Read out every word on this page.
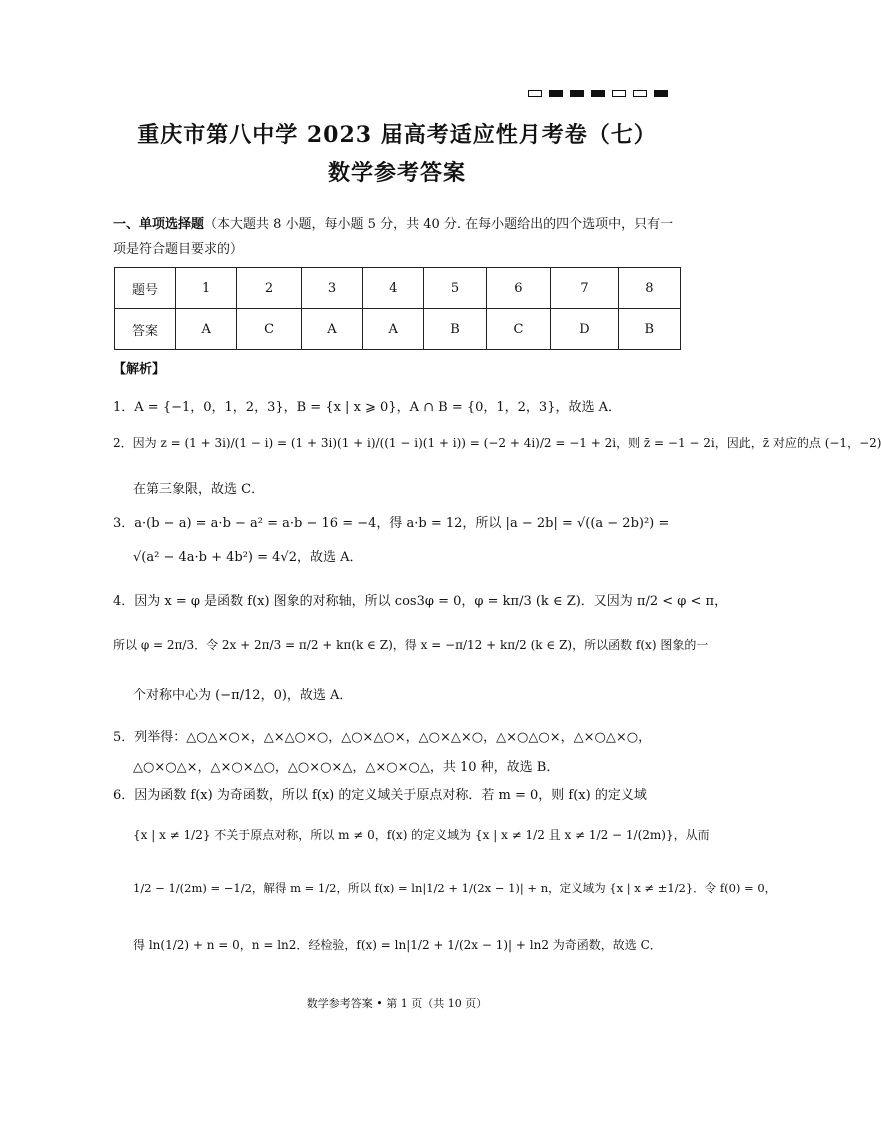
重庆市第八中学 2023 届高考适应性月考卷（七）
数学参考答案
一、单项选择题（本大题共 8 小题，每小题 5 分，共 40 分. 在每小题给出的四个选项中，只有一项是符合题目要求的）
题号	1	2	3	4	5	6	7	8
答案	A	C	A	A	B	C	D	B
【解析】
1．A = {−1，0，1，2，3}，B = {x | x ⩾ 0}，A ∩ B = {0，1，2，3}，故选 A．
2．因为 z = (1 + 3i)/(1 − i) = (1 + 3i)(1 + i)/((1 − i)(1 + i)) = (−2 + 4i)/2 = −1 + 2i，则 z̄ = −1 − 2i，因此，z̄ 对应的点 (−1，−2)
在第三象限，故选 C．
3．a·(b − a) = a·b − a² = a·b − 16 = −4，得 a·b = 12，所以 |a − 2b| = √((a − 2b)²) =
√(a² − 4a·b + 4b²) = 4√2，故选 A．
4．因为 x = φ 是函数 f(x) 图象的对称轴，所以 cos3φ = 0，φ = kπ/3 (k ∈ Z)．又因为 π/2 < φ < π，
所以 φ = 2π/3．令 2x + 2π/3 = π/2 + kπ(k ∈ Z)，得 x = −π/12 + kπ/2 (k ∈ Z)，所以函数 f(x) 图象的一
个对称中心为 (−π/12，0)，故选 A．
5．列举得：△○△×○×，△×△○×○，△○×△○×，△○×△×○，△×○△○×，△×○△×○，
△○×○△×，△×○×△○，△○×○×△，△×○×○△，共 10 种，故选 B．
6．因为函数 f(x) 为奇函数，所以 f(x) 的定义域关于原点对称．若 m = 0，则 f(x) 的定义域
{x | x ≠ 1/2} 不关于原点对称，所以 m ≠ 0，f(x) 的定义域为 {x | x ≠ 1/2 且 x ≠ 1/2 − 1/(2m)}，从而
1/2 − 1/(2m) = −1/2，解得 m = 1/2，所以 f(x) = ln|1/2 + 1/(2x − 1)| + n，定义域为 {x | x ≠ ±1/2}．令 f(0) = 0，
得 ln(1/2) + n = 0，n = ln2．经检验，f(x) = ln|1/2 + 1/(2x − 1)| + ln2 为奇函数，故选 C．
数学参考答案 • 第 1 页（共 10 页）
